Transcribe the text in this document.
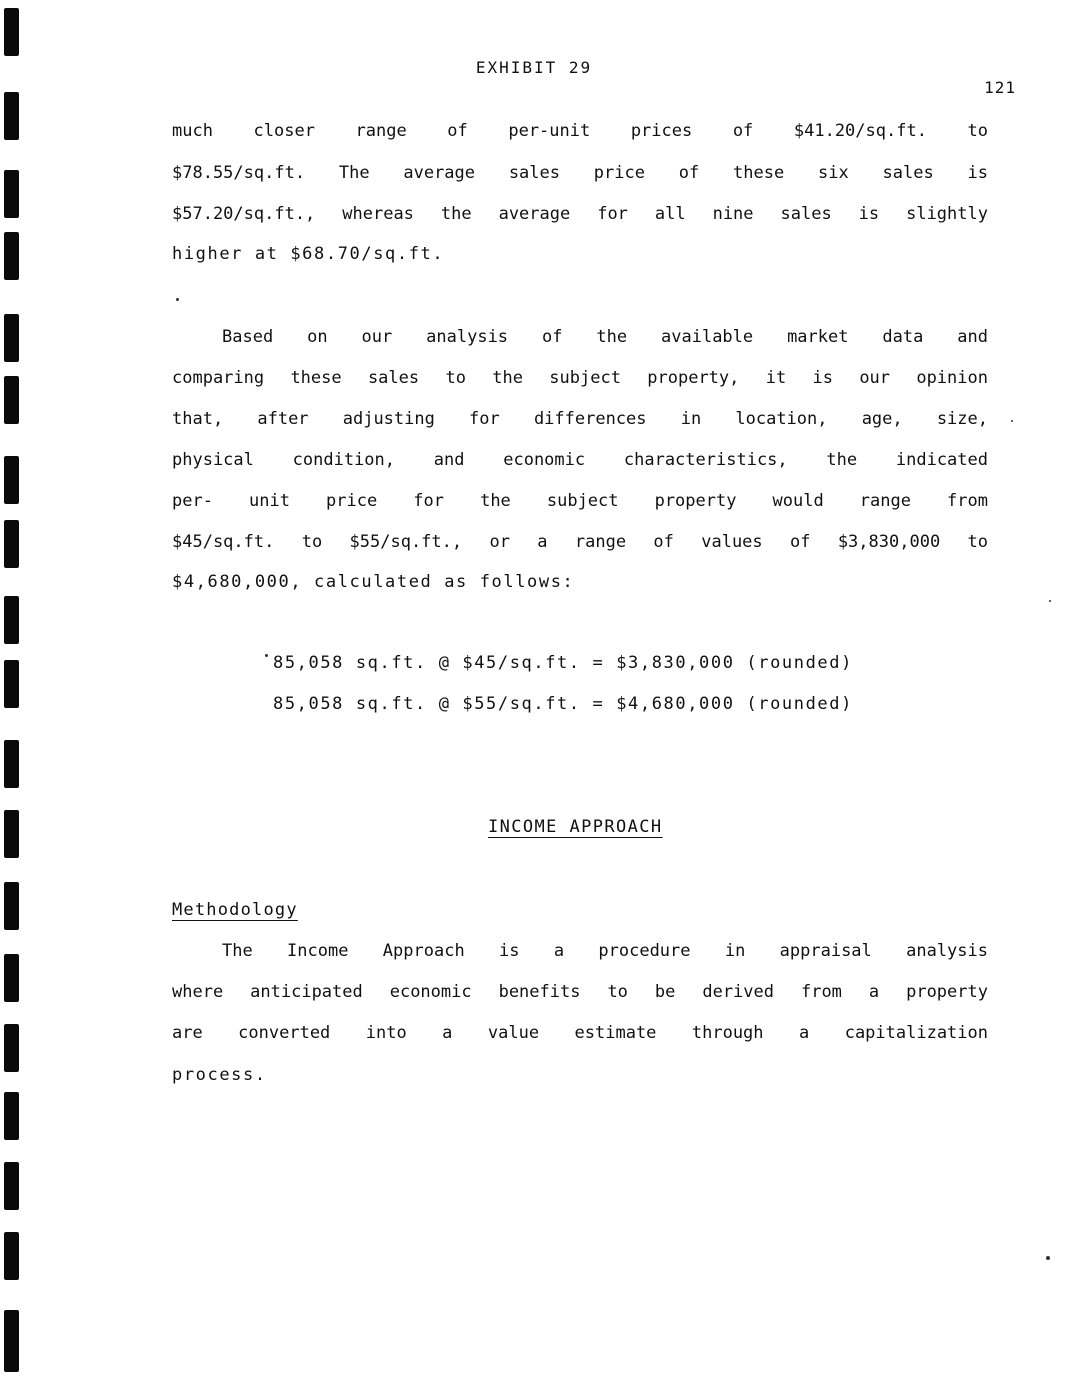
EXHIBIT 29
121
much closer range of per-unit prices of $41.20/sq.ft. to
$78.55/sq.ft. The average sales price of these six sales is
$57.20/sq.ft., whereas the average for all nine sales is slightly
higher at $68.70/sq.ft.
Based on our analysis of the available market data and
comparing these sales to the subject property, it is our opinion
that, after adjusting for differences in location, age, size,
physical condition, and economic characteristics, the indicated
per- unit price for the subject property would range from
$45/sq.ft. to $55/sq.ft., or a range of values of $3,830,000 to
$4,680,000, calculated as follows:
85,058 sq.ft. @ $45/sq.ft. = $3,830,000 (rounded)
85,058 sq.ft. @ $55/sq.ft. = $4,680,000 (rounded)
INCOME APPROACH
Methodology
The Income Approach is a procedure in appraisal analysis
where anticipated economic benefits to be derived from a property
are converted into a value estimate through a capitalization
process.
